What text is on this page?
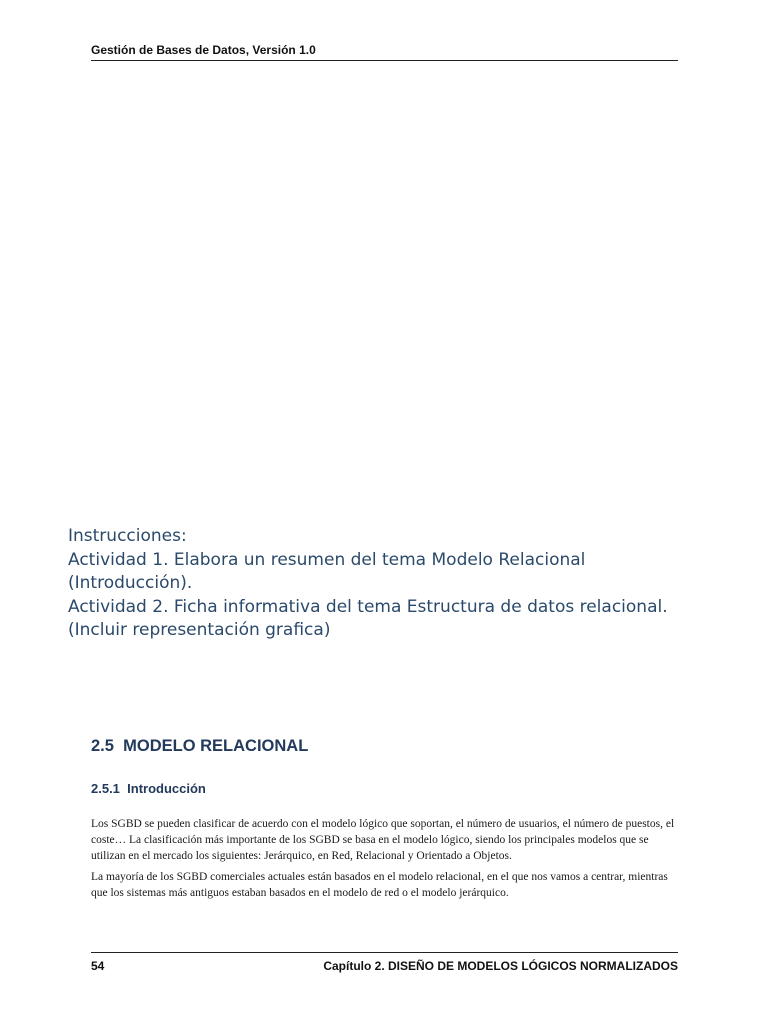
Gestión de Bases de Datos, Versión 1.0
Instrucciones:
Actividad 1. Elabora un resumen del tema Modelo Relacional
(Introducción).
Actividad 2. Ficha informativa del tema Estructura de datos relacional.
(Incluir representación grafica)
2.5 MODELO RELACIONAL
2.5.1 Introducción

Los SGBD se pueden clasificar de acuerdo con el modelo lógico que soportan, el número de usuarios, el número de puestos, el coste… La clasificación más importante de los SGBD se basa en el modelo lógico, siendo los principales modelos que se utilizan en el mercado los siguientes: Jerárquico, en Red, Relacional y Orientado a Objetos.

La mayoría de los SGBD comerciales actuales están basados en el modelo relacional, en el que nos vamos a centrar, mientras que los sistemas más antiguos estaban basados en el modelo de red o el modelo jerárquico.

54	Capítulo 2. DISEÑO DE MODELOS LÓGICOS NORMALIZADOS
